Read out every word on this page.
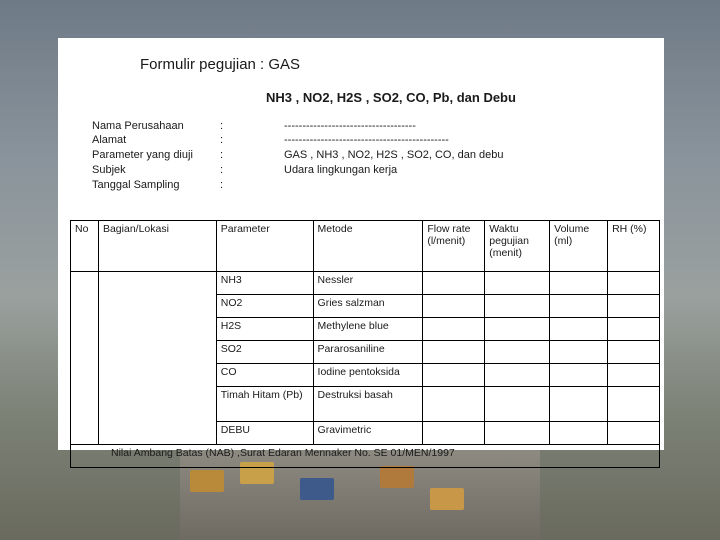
Formulir pegujian : GAS
NH3 , NO2, H2S , SO2, CO, Pb, dan Debu
Nama Perusahaan	:	------------------------------------
Alamat	:	---------------------------------------------
Parameter yang diuji :	GAS , NH3 , NO2, H2S , SO2, CO, dan debu
Subjek	:	Udara lingkungan kerja
Tanggal Sampling	:
No	Bagian/Lokasi	Parameter	Metode	Flow rate (l/menit)	Waktu pegujian (menit)	Volume (ml)	RH (%)
		NH3	Nessler				
		NO2	Gries salzman				
		H2S	Methylene blue				
		SO2	Pararosaniline				
		CO	Iodine pentoksida				
		Timah Hitam (Pb)	Destruksi basah				
		DEBU	Gravimetric				
Nilai Ambang Batas (NAB) ,Surat Edaran Mennaker No. SE 01/MEN/1997							
